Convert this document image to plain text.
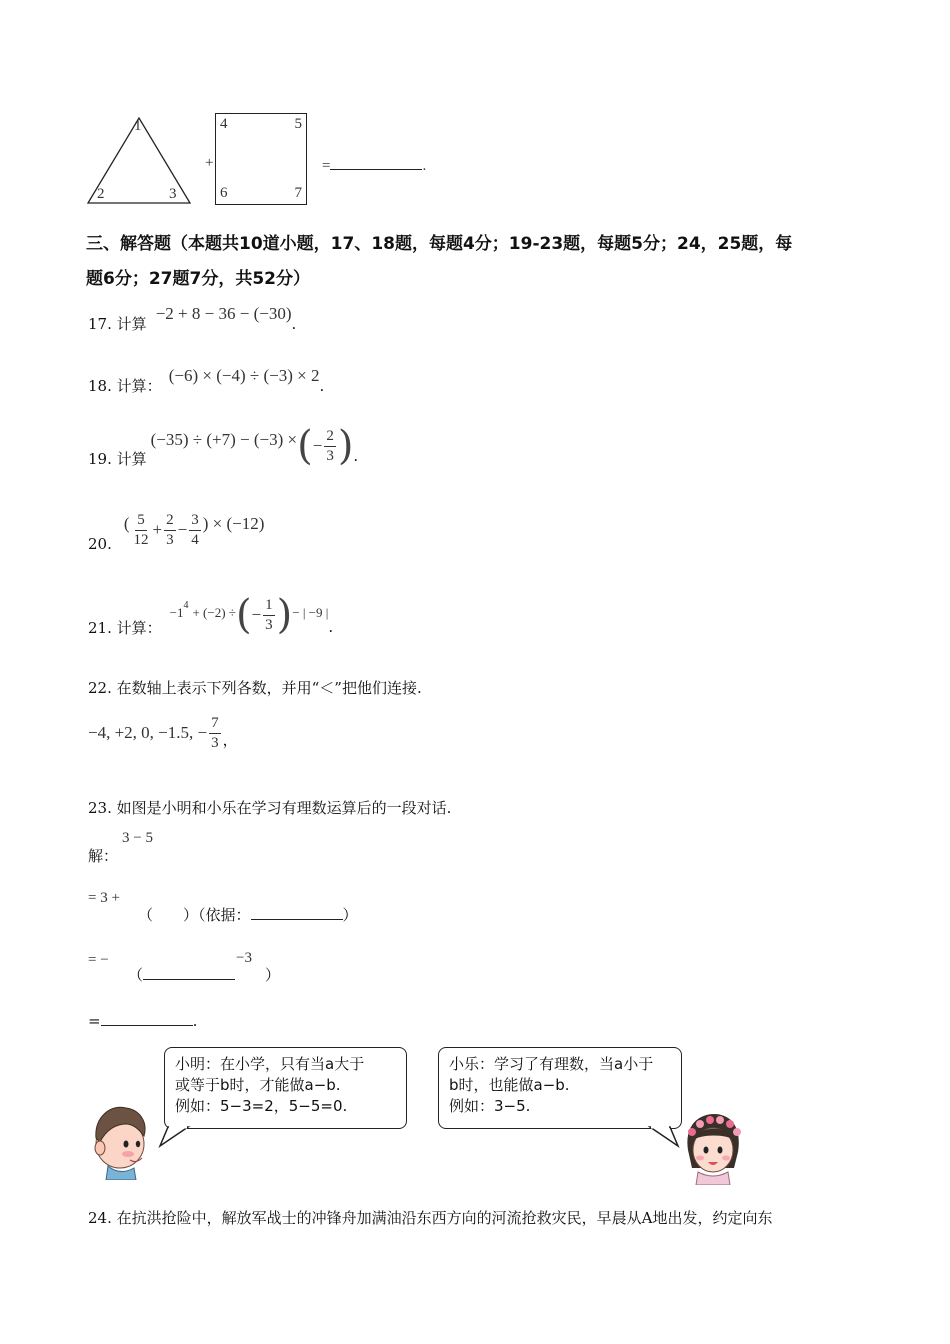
1
2	3
+
4	5
6	7
=	.
三、解答题（本题共10道小题，17、18题，每题4分；19-23题，每题5分；24，25题，每
题6分；27题7分，共52分）
17. 计算 −2 + 8 − 36 − (−30).
18. 计算： (−6) × (−4) ÷ (−3) × 2.
19. 计算
(−35) ÷ (+7) − (−3) × ( − $\frac{2}{3}$ ) .
20.
( $\frac{5}{12} + \frac{2}{3} - \frac{3}{4}$ ) × (−12)
21. 计算：
$-1^4 + (-2)$ ÷ ( − $\frac{1}{3}$ ) − | −9 |
.
22. 在数轴上表示下列各数，并用“＜”把他们连接.
−4, +2, 0, −1.5, − $\frac{7}{3}$ ，
23. 如图是小明和小乐在学习有理数运算后的一段对话.
解：
3 − 5
= 3 +
（　　）（依据：	）
= −
（	）
−3
=	.
小明：在小学，只有当a大于
或等于b时，才能做a−b.
例如：5−3=2，5−5=0.
小乐：学习了有理数，当a小于
b时，也能做a−b.
例如：3−5.
24. 在抗洪抢险中，解放军战士的冲锋舟加满油沿东西方向的河流抢救灾民，早晨从A地出发，约定向东
